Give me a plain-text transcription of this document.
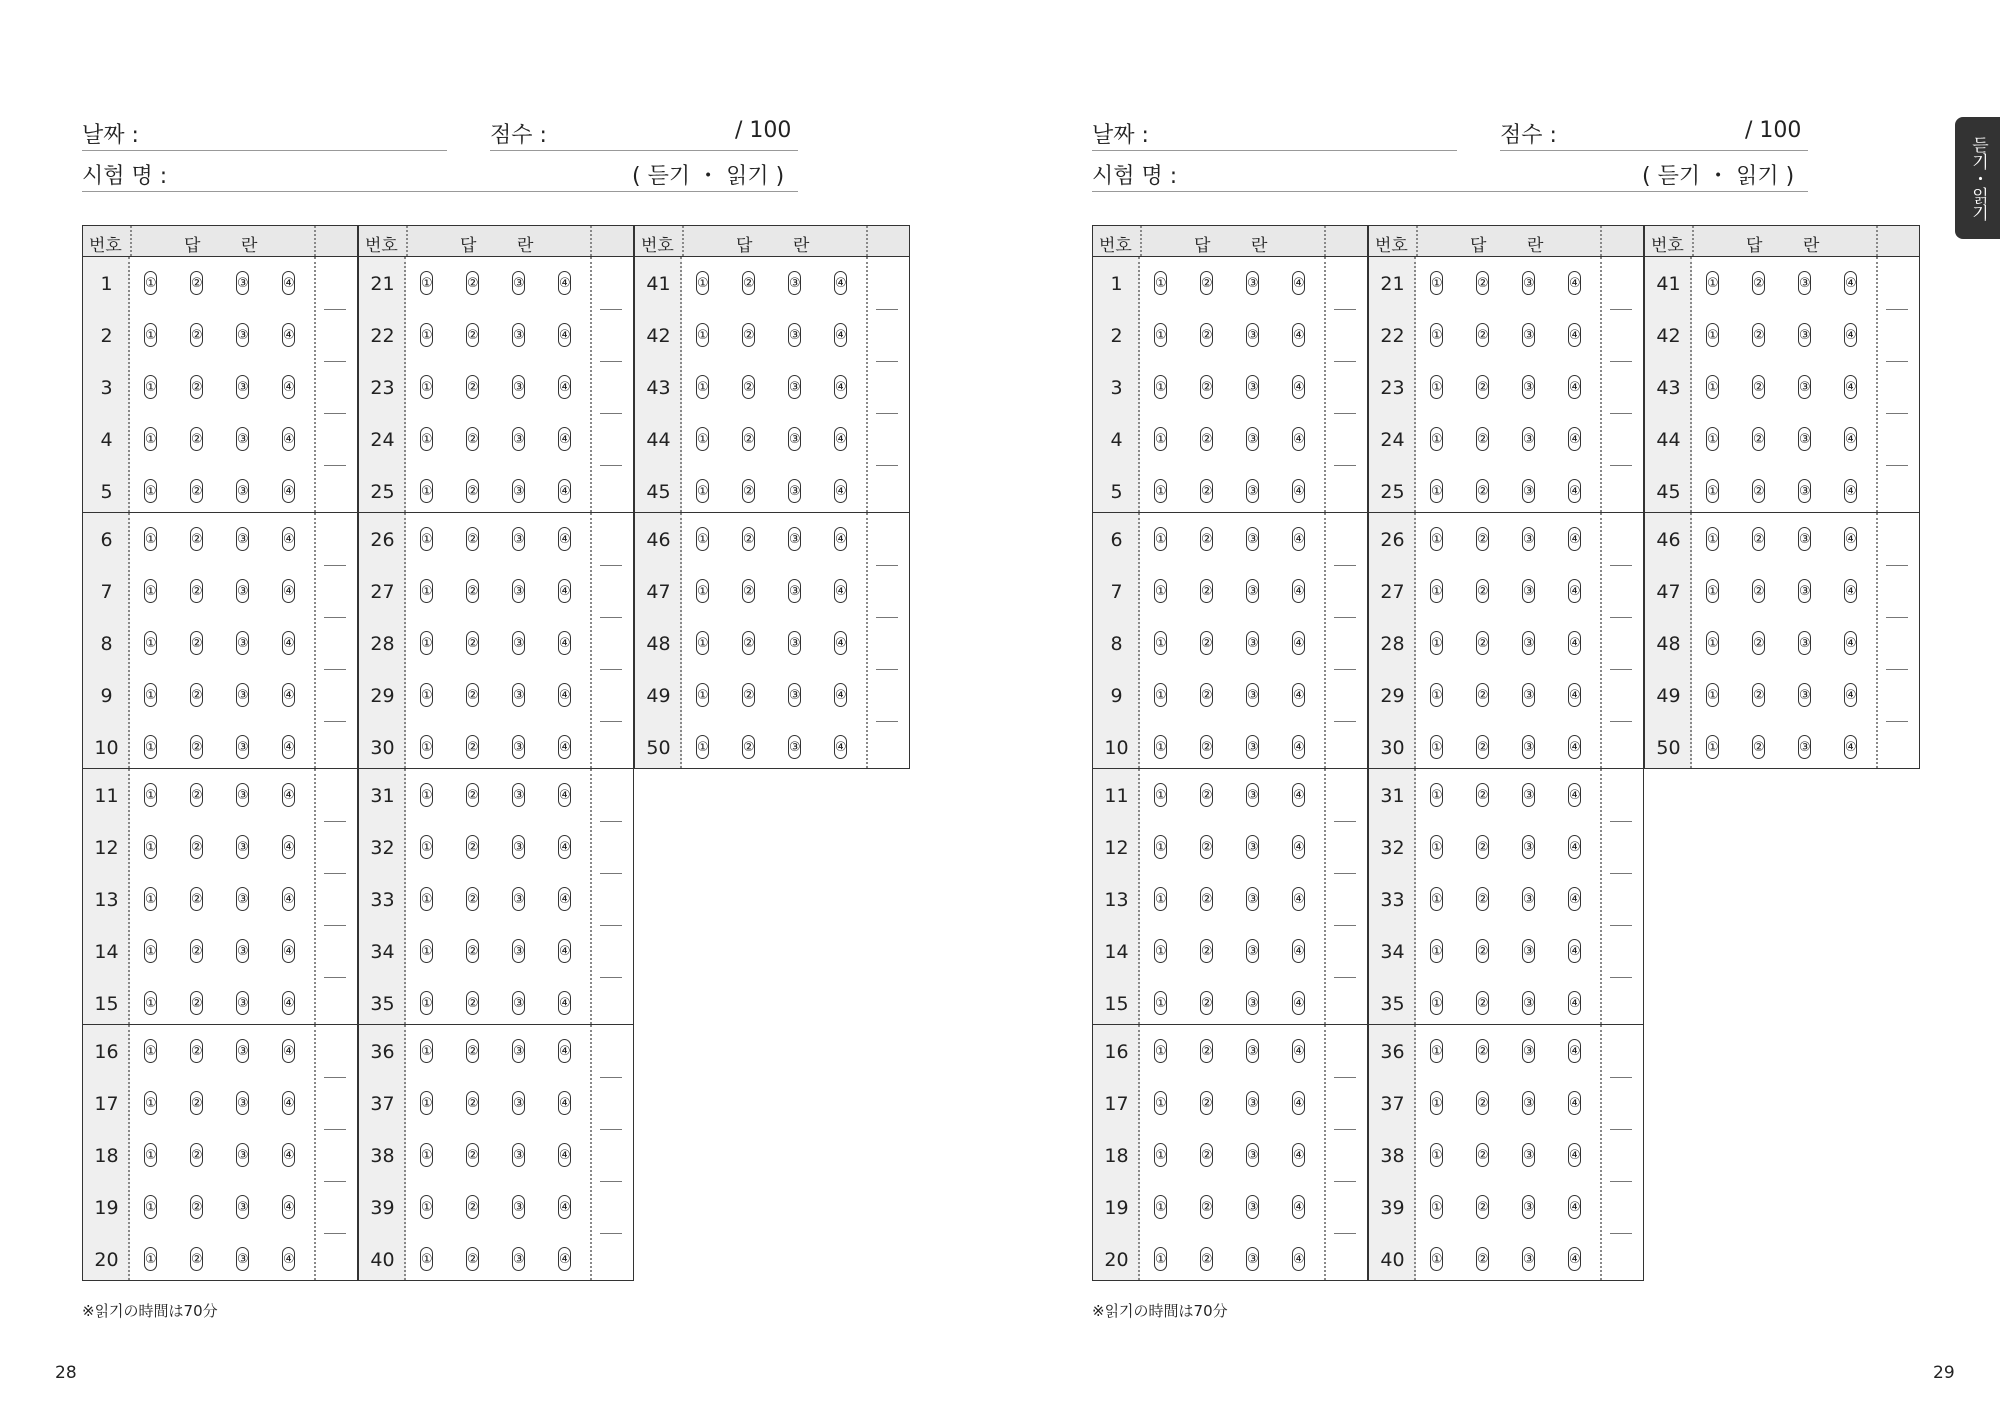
날짜 :	점수 :	/ 100
시험 명 :	( 듣기 ・ 읽기 )
번호	답 란
1	①	②	③	④
2	①	②	③	④
3	①	②	③	④
4	①	②	③	④
5	①	②	③	④
6	①	②	③	④
7	①	②	③	④
8	①	②	③	④
9	①	②	③	④
10	①	②	③	④
11	①	②	③	④
12	①	②	③	④
13	①	②	③	④
14	①	②	③	④
15	①	②	③	④
16	①	②	③	④
17	①	②	③	④
18	①	②	③	④
19	①	②	③	④
20	①	②	③	④
번호	답 란
21	①	②	③	④
22	①	②	③	④
23	①	②	③	④
24	①	②	③	④
25	①	②	③	④
26	①	②	③	④
27	①	②	③	④
28	①	②	③	④
29	①	②	③	④
30	①	②	③	④
31	①	②	③	④
32	①	②	③	④
33	①	②	③	④
34	①	②	③	④
35	①	②	③	④
36	①	②	③	④
37	①	②	③	④
38	①	②	③	④
39	①	②	③	④
40	①	②	③	④
번호	답 란
41	①	②	③	④
42	①	②	③	④
43	①	②	③	④
44	①	②	③	④
45	①	②	③	④
46	①	②	③	④
47	①	②	③	④
48	①	②	③	④
49	①	②	③	④
50	①	②	③	④
※읽기の時間は70分
28
날짜 :	점수 :	/ 100
시험 명 :	( 듣기 ・ 읽기 )
번호	답 란
1	①	②	③	④
2	①	②	③	④
3	①	②	③	④
4	①	②	③	④
5	①	②	③	④
6	①	②	③	④
7	①	②	③	④
8	①	②	③	④
9	①	②	③	④
10	①	②	③	④
11	①	②	③	④
12	①	②	③	④
13	①	②	③	④
14	①	②	③	④
15	①	②	③	④
16	①	②	③	④
17	①	②	③	④
18	①	②	③	④
19	①	②	③	④
20	①	②	③	④
번호	답 란
21	①	②	③	④
22	①	②	③	④
23	①	②	③	④
24	①	②	③	④
25	①	②	③	④
26	①	②	③	④
27	①	②	③	④
28	①	②	③	④
29	①	②	③	④
30	①	②	③	④
31	①	②	③	④
32	①	②	③	④
33	①	②	③	④
34	①	②	③	④
35	①	②	③	④
36	①	②	③	④
37	①	②	③	④
38	①	②	③	④
39	①	②	③	④
40	①	②	③	④
번호	답 란
41	①	②	③	④
42	①	②	③	④
43	①	②	③	④
44	①	②	③	④
45	①	②	③	④
46	①	②	③	④
47	①	②	③	④
48	①	②	③	④
49	①	②	③	④
50	①	②	③	④
※읽기の時間は70分
29
듣기・읽기
